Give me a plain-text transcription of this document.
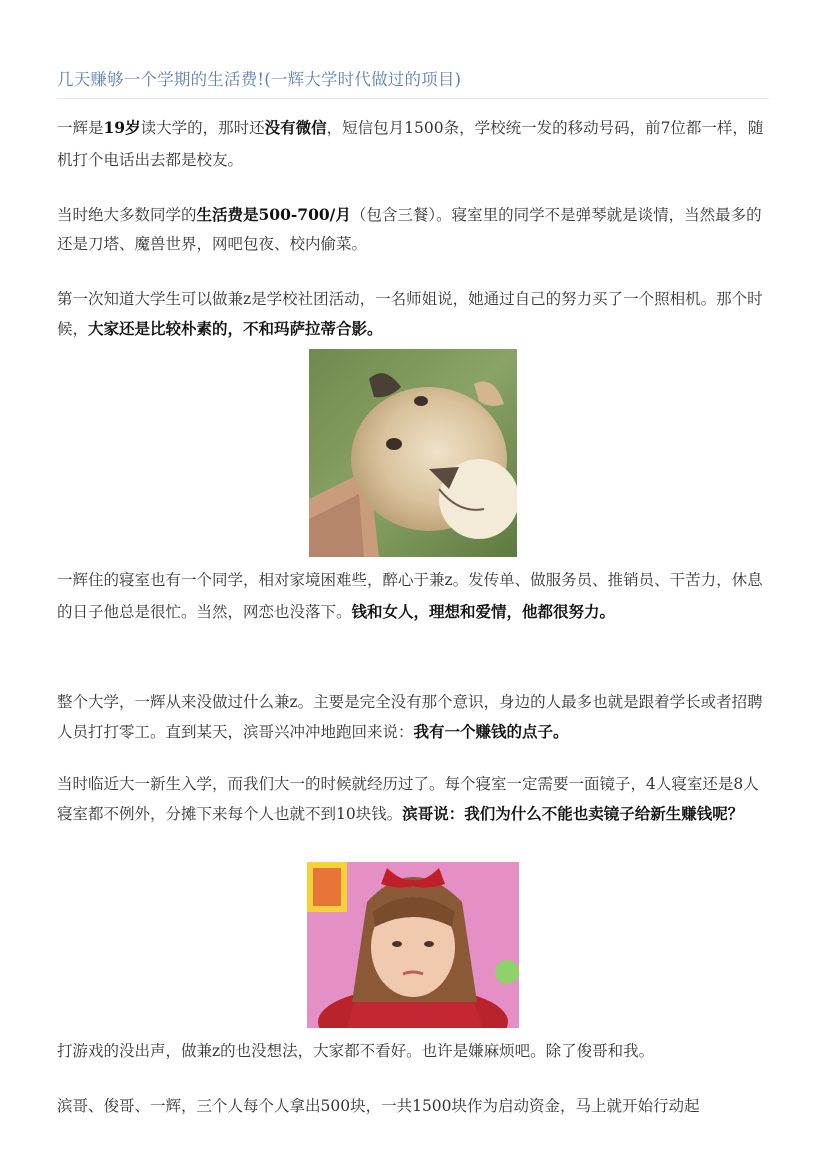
几天赚够一个学期的生活费!(一辉大学时代做过的项目)

一辉是19岁读大学的，那时还没有微信，短信包月1500条，学校统一发的移动号码，前7位都一样，随机打个电话出去都是校友。

当时绝大多数同学的生活费是500-700/月（包含三餐）。寝室里的同学不是弹琴就是谈情，当然最多的还是刀塔、魔兽世界，网吧包夜、校内偷菜。

第一次知道大学生可以做兼z是学校社团活动，一名师姐说，她通过自己的努力买了一个照相机。那个时候，大家还是比较朴素的，不和玛萨拉蒂合影。

一辉住的寝室也有一个同学，相对家境困难些，醉心于兼z。发传单、做服务员、推销员、干苦力，休息的日子他总是很忙。当然，网恋也没落下。钱和女人，理想和爱情，他都很努力。

整个大学，一辉从来没做过什么兼z。主要是完全没有那个意识，身边的人最多也就是跟着学长或者招聘人员打打零工。直到某天，滨哥兴冲冲地跑回来说：我有一个赚钱的点子。

当时临近大一新生入学，而我们大一的时候就经历过了。每个寝室一定需要一面镜子，4人寝室还是8人寝室都不例外，分摊下来每个人也就不到10块钱。滨哥说：我们为什么不能也卖镜子给新生赚钱呢？

打游戏的没出声，做兼z的也没想法，大家都不看好。也许是嫌麻烦吧。除了俊哥和我。

滨哥、俊哥、一辉，三个人每个人拿出500块，一共1500块作为启动资金，马上就开始行动起
